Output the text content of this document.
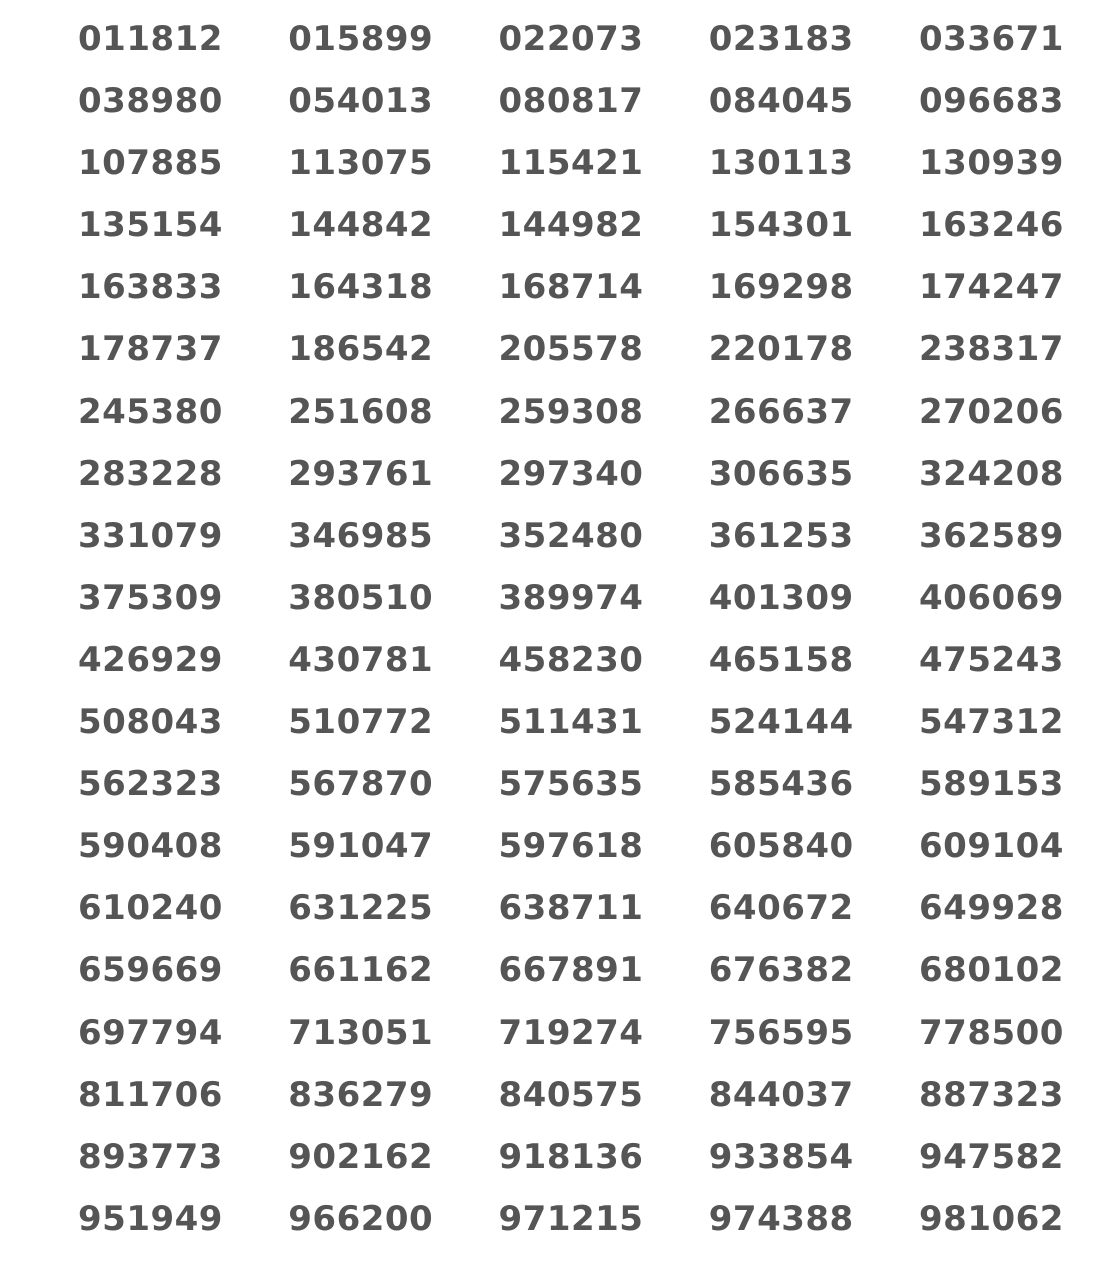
011812	015899	022073	023183	033671
038980	054013	080817	084045	096683
107885	113075	115421	130113	130939
135154	144842	144982	154301	163246
163833	164318	168714	169298	174247
178737	186542	205578	220178	238317
245380	251608	259308	266637	270206
283228	293761	297340	306635	324208
331079	346985	352480	361253	362589
375309	380510	389974	401309	406069
426929	430781	458230	465158	475243
508043	510772	511431	524144	547312
562323	567870	575635	585436	589153
590408	591047	597618	605840	609104
610240	631225	638711	640672	649928
659669	661162	667891	676382	680102
697794	713051	719274	756595	778500
811706	836279	840575	844037	887323
893773	902162	918136	933854	947582
951949	966200	971215	974388	981062
